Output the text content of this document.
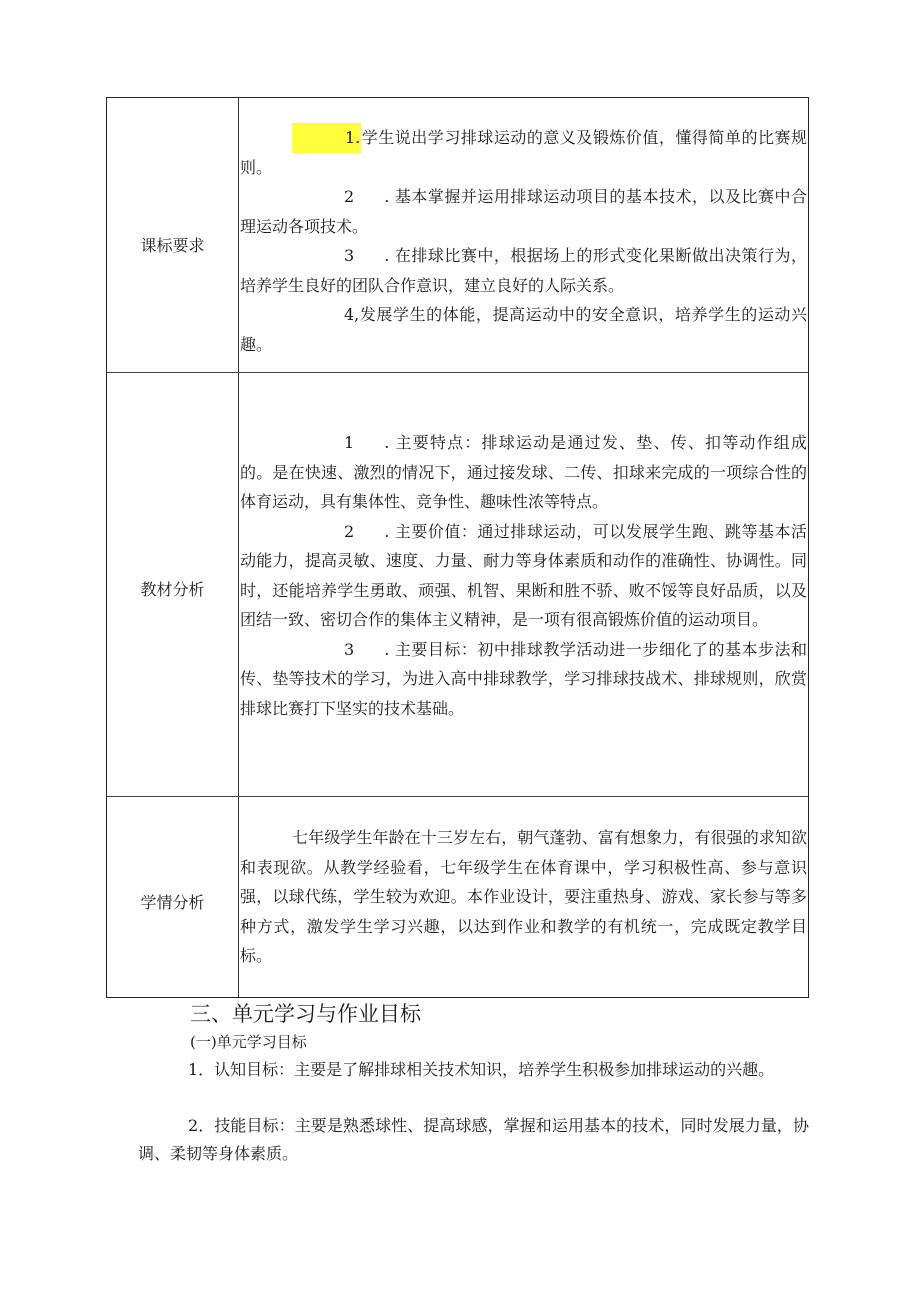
课标要求

1.学生说出学习排球运动的意义及锻炼价值，懂得简单的比赛规则。

2 . 基本掌握并运用排球运动项目的基本技术，以及比赛中合理运动各项技术。

3 . 在排球比赛中，根据场上的形式变化果断做出决策行为，培养学生良好的团队合作意识，建立良好的人际关系。

4,发展学生的体能，提高运动中的安全意识，培养学生的运动兴趣。

教材分析

1 . 主要特点：排球运动是通过发、垫、传、扣等动作组成的。是在快速、激烈的情况下，通过接发球、二传、扣球来完成的一项综合性的体育运动，具有集体性、竞争性、趣味性浓等特点。

2 . 主要价值：通过排球运动，可以发展学生跑、跳等基本活动能力，提高灵敏、速度、力量、耐力等身体素质和动作的准确性、协调性。同时，还能培养学生勇敢、顽强、机智、果断和胜不骄、败不馁等良好品质，以及团结一致、密切合作的集体主义精神，是一项有很高锻炼价值的运动项目。

3 . 主要目标：初中排球教学活动进一步细化了的基本步法和传、垫等技术的学习，为进入高中排球教学，学习排球技战术、排球规则，欣赏排球比赛打下坚实的技术基础。

学情分析

七年级学生年龄在十三岁左右，朝气蓬勃、富有想象力，有很强的求知欲和表现欲。从教学经验看，七年级学生在体育课中，学习积极性高、参与意识强，以球代练，学生较为欢迎。本作业设计，要注重热身、游戏、家长参与等多种方式，激发学生学习兴趣，以达到作业和教学的有机统一，完成既定教学目标。

三、单元学习与作业目标
(一)单元学习目标

1．认知目标：主要是了解排球相关技术知识，培养学生积极参加排球运动的兴趣。

2．技能目标：主要是熟悉球性、提高球感，掌握和运用基本的技术，同时发展力量，协调、柔韧等身体素质。
